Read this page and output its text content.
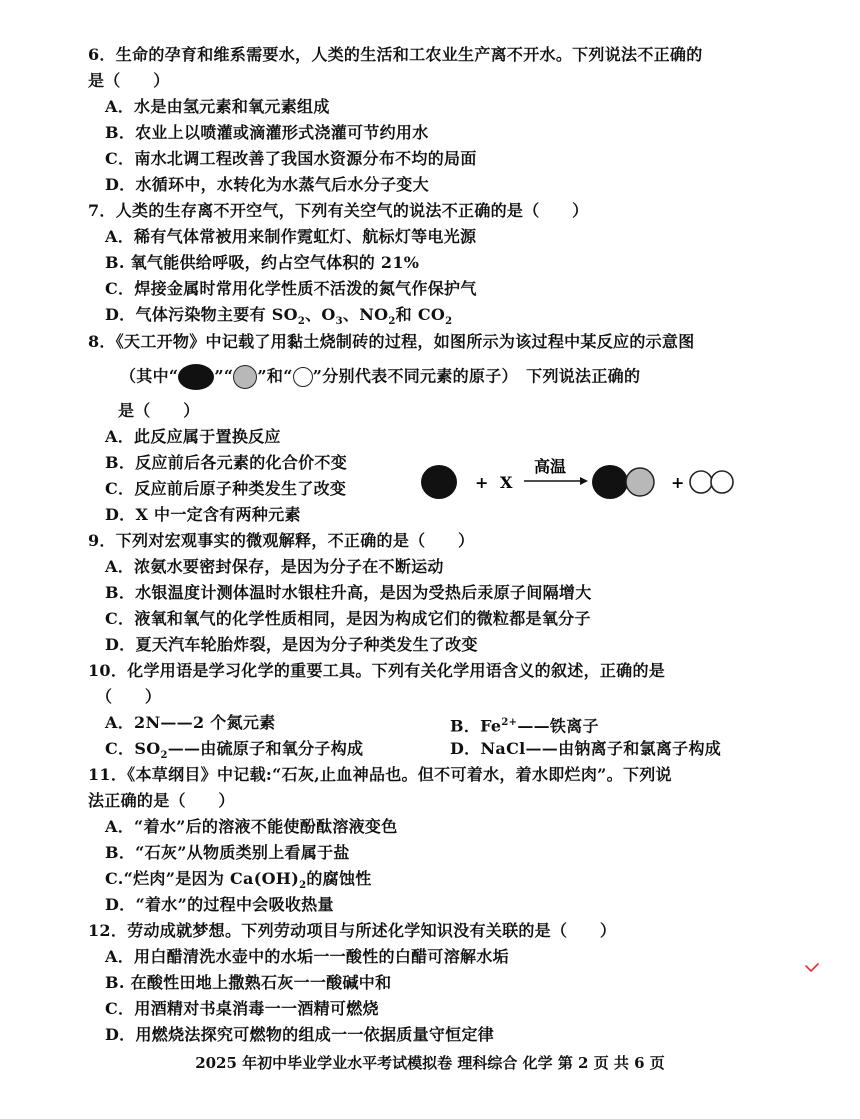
6．生命的孕育和维系需要水，人类的生活和工农业生产离不开水。下列说法不正确的
是（　　）
A．水是由氢元素和氧元素组成
B．农业上以喷灌或滴灌形式浇灌可节约用水
C．南水北调工程改善了我国水资源分布不均的局面
D．水循环中，水转化为水蒸气后水分子变大
7．人类的生存离不开空气，下列有关空气的说法不正确的是（　　）
A．稀有气体常被用来制作霓虹灯、航标灯等电光源
B. 氧气能供给呼吸，约占空气体积的 21%
C．焊接金属时常用化学性质不活泼的氮气作保护气
D．气体污染物主要有 $SO_2$、$O_3$、$NO_2$和 $CO_2$
8．《天工开物》中记载了用黏土烧制砖的过程，如图所示为该过程中某反应的示意图
（其中“ ”“ ”和“ ”分别代表不同元素的原子）　下列说法正确的
是（　　）
A．此反应属于置换反应
B．反应前后各元素的化合价不变
C．反应前后原子种类发生了改变
D．X 中一定含有两种元素
+ X
高温
+
9．下列对宏观事实的微观解释，不正确的是（　　）
A．浓氨水要密封保存，是因为分子在不断运动
B．水银温度计测体温时水银柱升高，是因为受热后汞原子间隔增大
C．液氧和氧气的化学性质相同，是因为构成它们的微粒都是氧分子
D．夏天汽车轮胎炸裂，是因为分子种类发生了改变
10．化学用语是学习化学的重要工具。下列有关化学用语含义的叙述，正确的是
（　　）
A．2N——2 个氮元素	B．$Fe^{2+}——$铁离子
C．$SO_2——$由硫原子和氧分子构成	D．NaCl——由钠离子和氯离子构成
11．《本草纲目》中记载:“石灰,止血神品也。但不可着水，着水即烂肉”。下列说
法正确的是（　　）
A．“着水”后的溶液不能使酚酞溶液变色
B．“石灰”从物质类别上看属于盐
C.“烂肉”是因为 $Ca(OH)_2$的腐蚀性
D．“着水”的过程中会吸收热量
12．劳动成就梦想。下列劳动项目与所述化学知识没有关联的是（　　）
A．用白醋清洗水壶中的水垢一一酸性的白醋可溶解水垢
B. 在酸性田地上撒熟石灰一一酸碱中和
C．用酒精对书桌消毒一一酒精可燃烧
D．用燃烧法探究可燃物的组成一一依据质量守恒定律
2025 年初中毕业学业水平考试模拟卷 理科综合 化学 第 2 页 共 6 页
